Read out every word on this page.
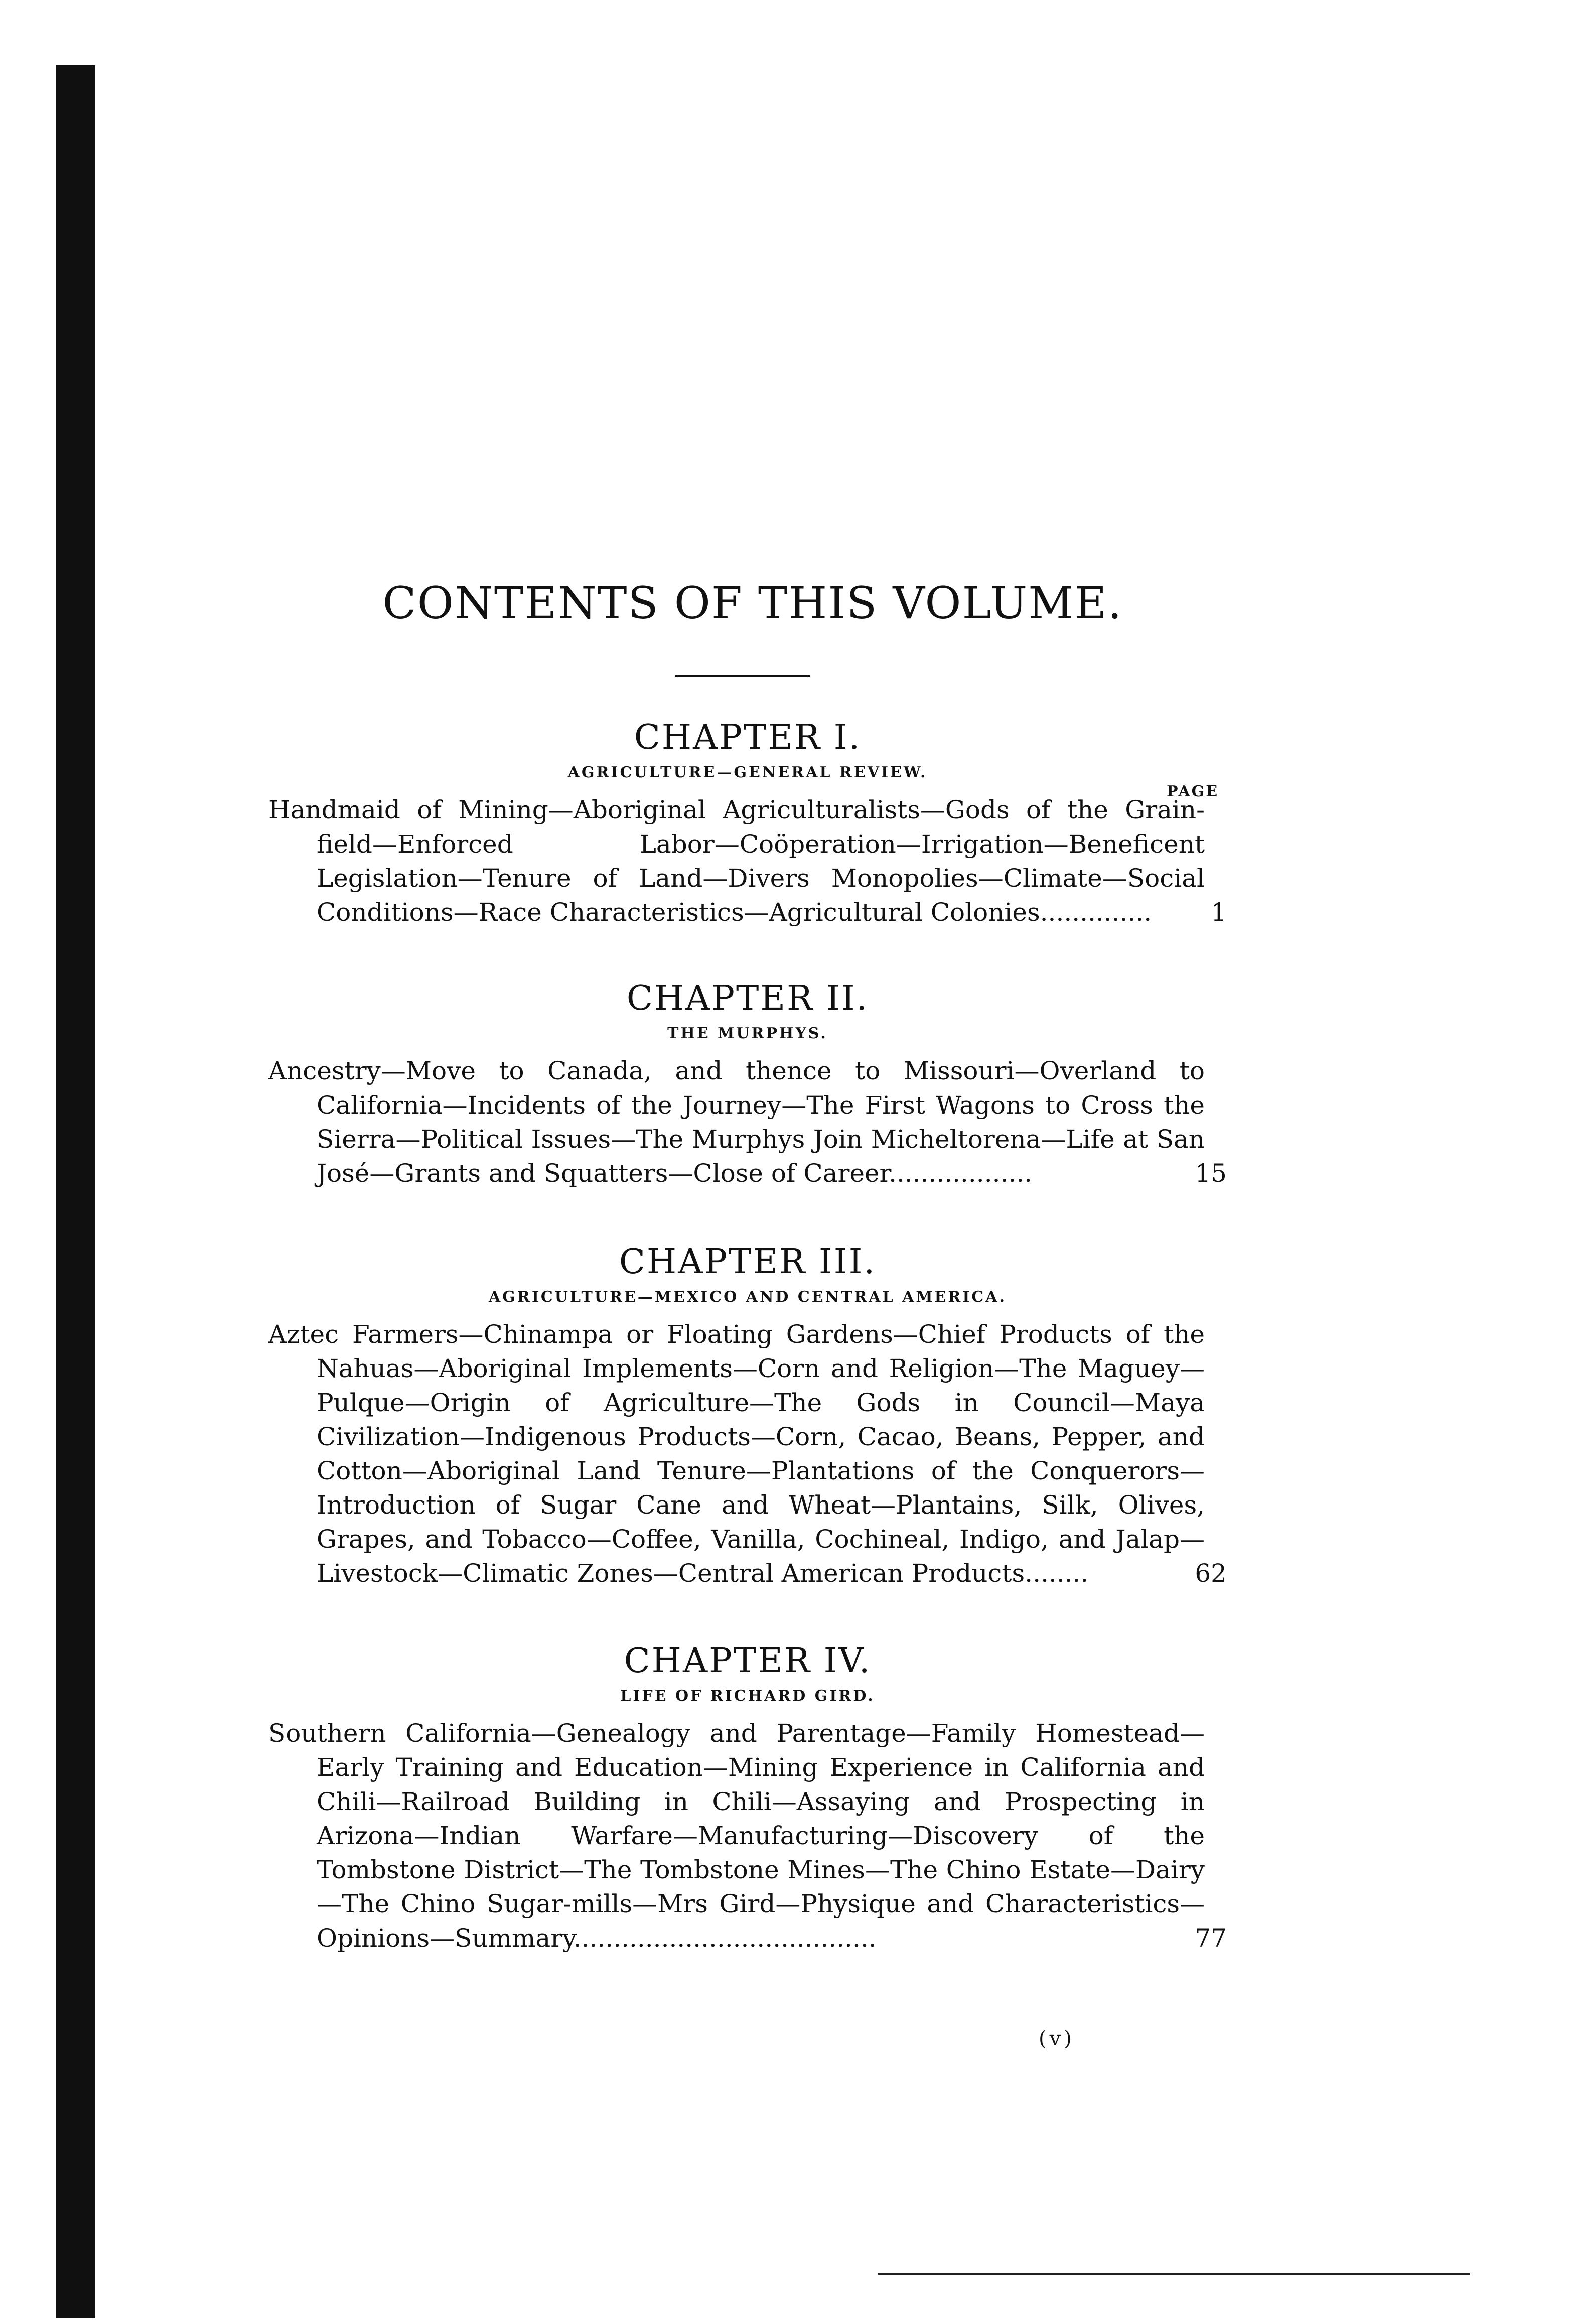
CONTENTS OF THIS VOLUME.
PAGE
CHAPTER I.
AGRICULTURE—GENERAL REVIEW.

Handmaid of Mining—Aboriginal Agriculturalists—Gods of the Grain-field—Enforced Labor—Coöperation—Irrigation—Beneficent Legislation—Tenure of Land—Divers Monopolies—Climate—Social Conditions—Race Characteristics—Agricultural Colonies..............	1
CHAPTER II.
THE MURPHYS.

Ancestry—Move to Canada, and thence to Missouri—Overland to California—Incidents of the Journey—The First Wagons to Cross the Sierra—Political Issues—The Murphys Join Micheltorena—Life at San José—Grants and Squatters—Close of Career..................	15
CHAPTER III.
AGRICULTURE—MEXICO AND CENTRAL AMERICA.

Aztec Farmers—Chinampa or Floating Gardens—Chief Products of the Nahuas—Aboriginal Implements—Corn and Religion—The Maguey—Pulque—Origin of Agriculture—The Gods in Council—Maya Civilization—Indigenous Products—Corn, Cacao, Beans, Pepper, and Cotton—Aboriginal Land Tenure—Plantations of the Conquerors—Introduction of Sugar Cane and Wheat—Plantains, Silk, Olives, Grapes, and Tobacco—Coffee, Vanilla, Cochineal, Indigo, and Jalap—Livestock—Climatic Zones—Central American Products........	62
CHAPTER IV.
LIFE OF RICHARD GIRD.

Southern California—Genealogy and Parentage—Family Homestead—Early Training and Education—Mining Experience in California and Chili—Railroad Building in Chili—Assaying and Prospecting in Arizona—Indian Warfare—Manufacturing—Discovery of the Tombstone District—The Tombstone Mines—The Chino Estate—Dairy—The Chino Sugar-mills—Mrs Gird—Physique and Characteristics—Opinions—Summary......................................	77
(v)
